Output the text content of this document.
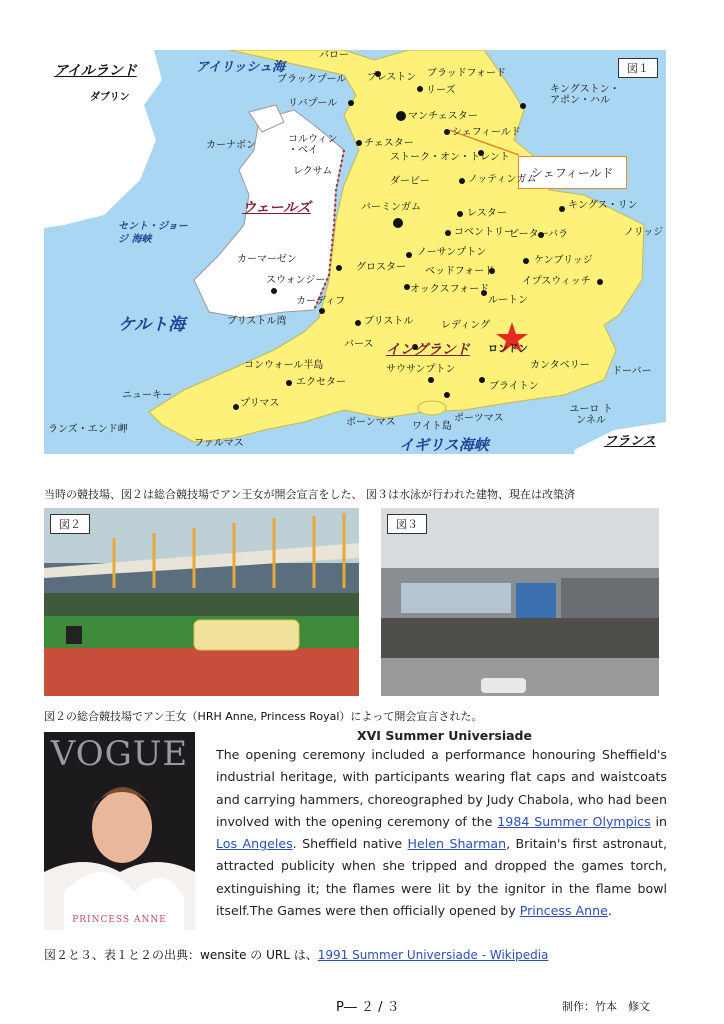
図１
シェフィールド
アイリッシュ海
ケルト海
イギリス海峡
セント・ジョージ 海峡
ブリストル湾
アイルランド
ウェールズ
イングランド
フランス
ダブリン
バロー
ブラックプール プレストン ブラッドフォード
リーズ	キングストン・ アポン・ハル
リバプール
マンチェスター
シェフィールド
カーナボン
コルウィン ・ベイ
チェスター
ストーク・オン・トレント
レクサム
ダービー	ノッティンガム
キングス・リン
バーミンガム
レスター
コベントリー
ピーターバラ	ノリッジ
ノーサンプトン
ケンブリッジ
カーマーゼン
グロスター ベッドフォード
イプスウィッチ
スウォンジー
オックスフォード
ルートン
カーディフ
ブリストル	レディング
ロンドン
バース
カンタベリー
ドーバー
コンウォール半島	サウサンプトン
エクセター	ブライトン
ニューキー
プリマス
ボーンマス	ポーツマス
ワイト島
ユーロ トンネル
ランズ・エンド岬
ファルマス
当時の競技場、図２は総合競技場でアン王女が開会宣言をした、 図３は水泳が行われた建物、現在は改築済
図２	図３
図２の総合競技場でアン王女（HRH Anne, Princess Royal）によって開会宣言された。
VOGUE
PRINCESS ANNE
XVI Summer Universiade
The opening ceremony included a performance honouring Sheffield's industrial heritage, with participants wearing flat caps and waistcoats and carrying hammers, choreographed by Judy Chabola, who had been involved with the opening ceremony of the 1984 Summer Olympics in Los Angeles. Sheffield native Helen Sharman, Britain's first astronaut, attracted publicity when she tripped and dropped the games torch, extinguishing it; the flames were lit by the ignitor in the flame bowl itself.The Games were then officially opened by Princess Anne.
図２と３、表１と２の出典：wensite の URL は、1991 Summer Universiade - Wikipedia
P― ２ / ３	制作：竹本　修文
